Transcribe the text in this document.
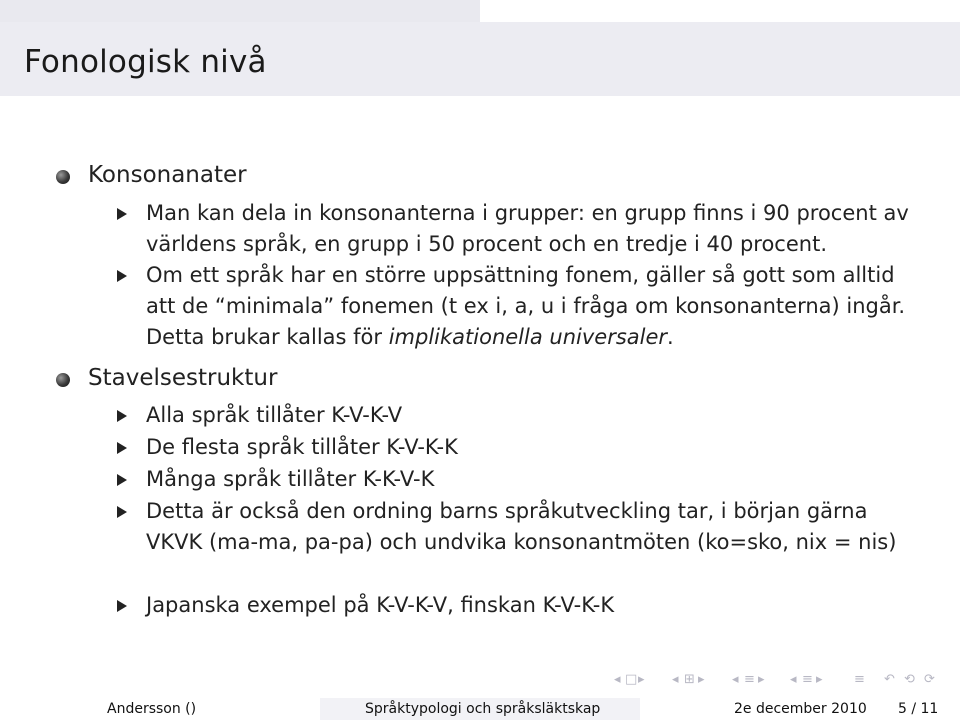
Fonologisk nivå
Konsonanater
Man kan dela in konsonanterna i grupper: en grupp finns i 90 procent av världens språk, en grupp i 50 procent och en tredje i 40 procent.
Om ett språk har en större uppsättning fonem, gäller så gott som alltid att de “minimala” fonemen (t ex i, a, u i fråga om konsonanterna) ingår. Detta brukar kallas för implikationella universaler.
Stavelsestruktur
Alla språk tillåter K-V-K-V
De flesta språk tillåter K-V-K-K
Många språk tillåter K-K-V-K
Detta är också den ordning barns språkutveckling tar, i början gärna VKVK (ma-ma, pa-pa) och undvika konsonantmöten (ko=sko, nix = nis)
Japanska exempel på K-V-K-V, finskan K-V-K-K
◂ □ ▸ ◂ ⊞ ▸ ◂ ≡ ▸ ◂ ≡ ▸ ≡ ↶ ⟲ ⟳
Andersson ()	Språktypologi och språksläktskap	2e december 2010 5 / 11
